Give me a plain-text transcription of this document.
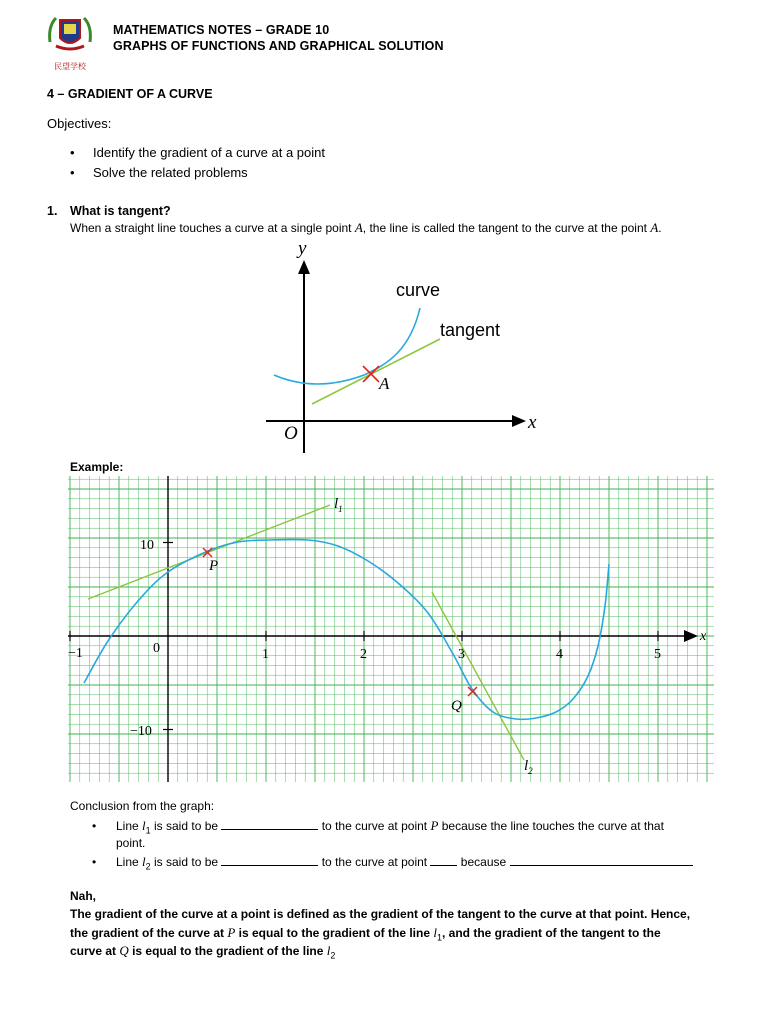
民望学校
MATHEMATICS NOTES – GRADE 10
GRAPHS OF FUNCTIONS AND GRAPHICAL SOLUTION
4 – GRADIENT OF A CURVE
Objectives:
• Identify the gradient of a curve at a point
• Solve the related problems
1. What is tangent?
When a straight line touches a curve at a single point A, the line is called the tangent to the curve at the point A.
y
x
O
A
curve
tangent
Example:
−1	0	1	2	3	4	5
10
−10
x
P
Q
$l_1$
$l_2$
Conclusion from the graph:
• Line $l_1$ is said to be	to the curve at point P because the line touches the curve at that
point.
• Line $l_2$ is said to be	to the curve at point  because
Nah,
The gradient of the curve at a point is defined as the gradient of the tangent to the curve at that point. Hence,
the gradient of the curve at P is equal to the gradient of the line $l_1$, and the gradient of the tangent to the
curve at Q is equal to the gradient of the line $l_2$
